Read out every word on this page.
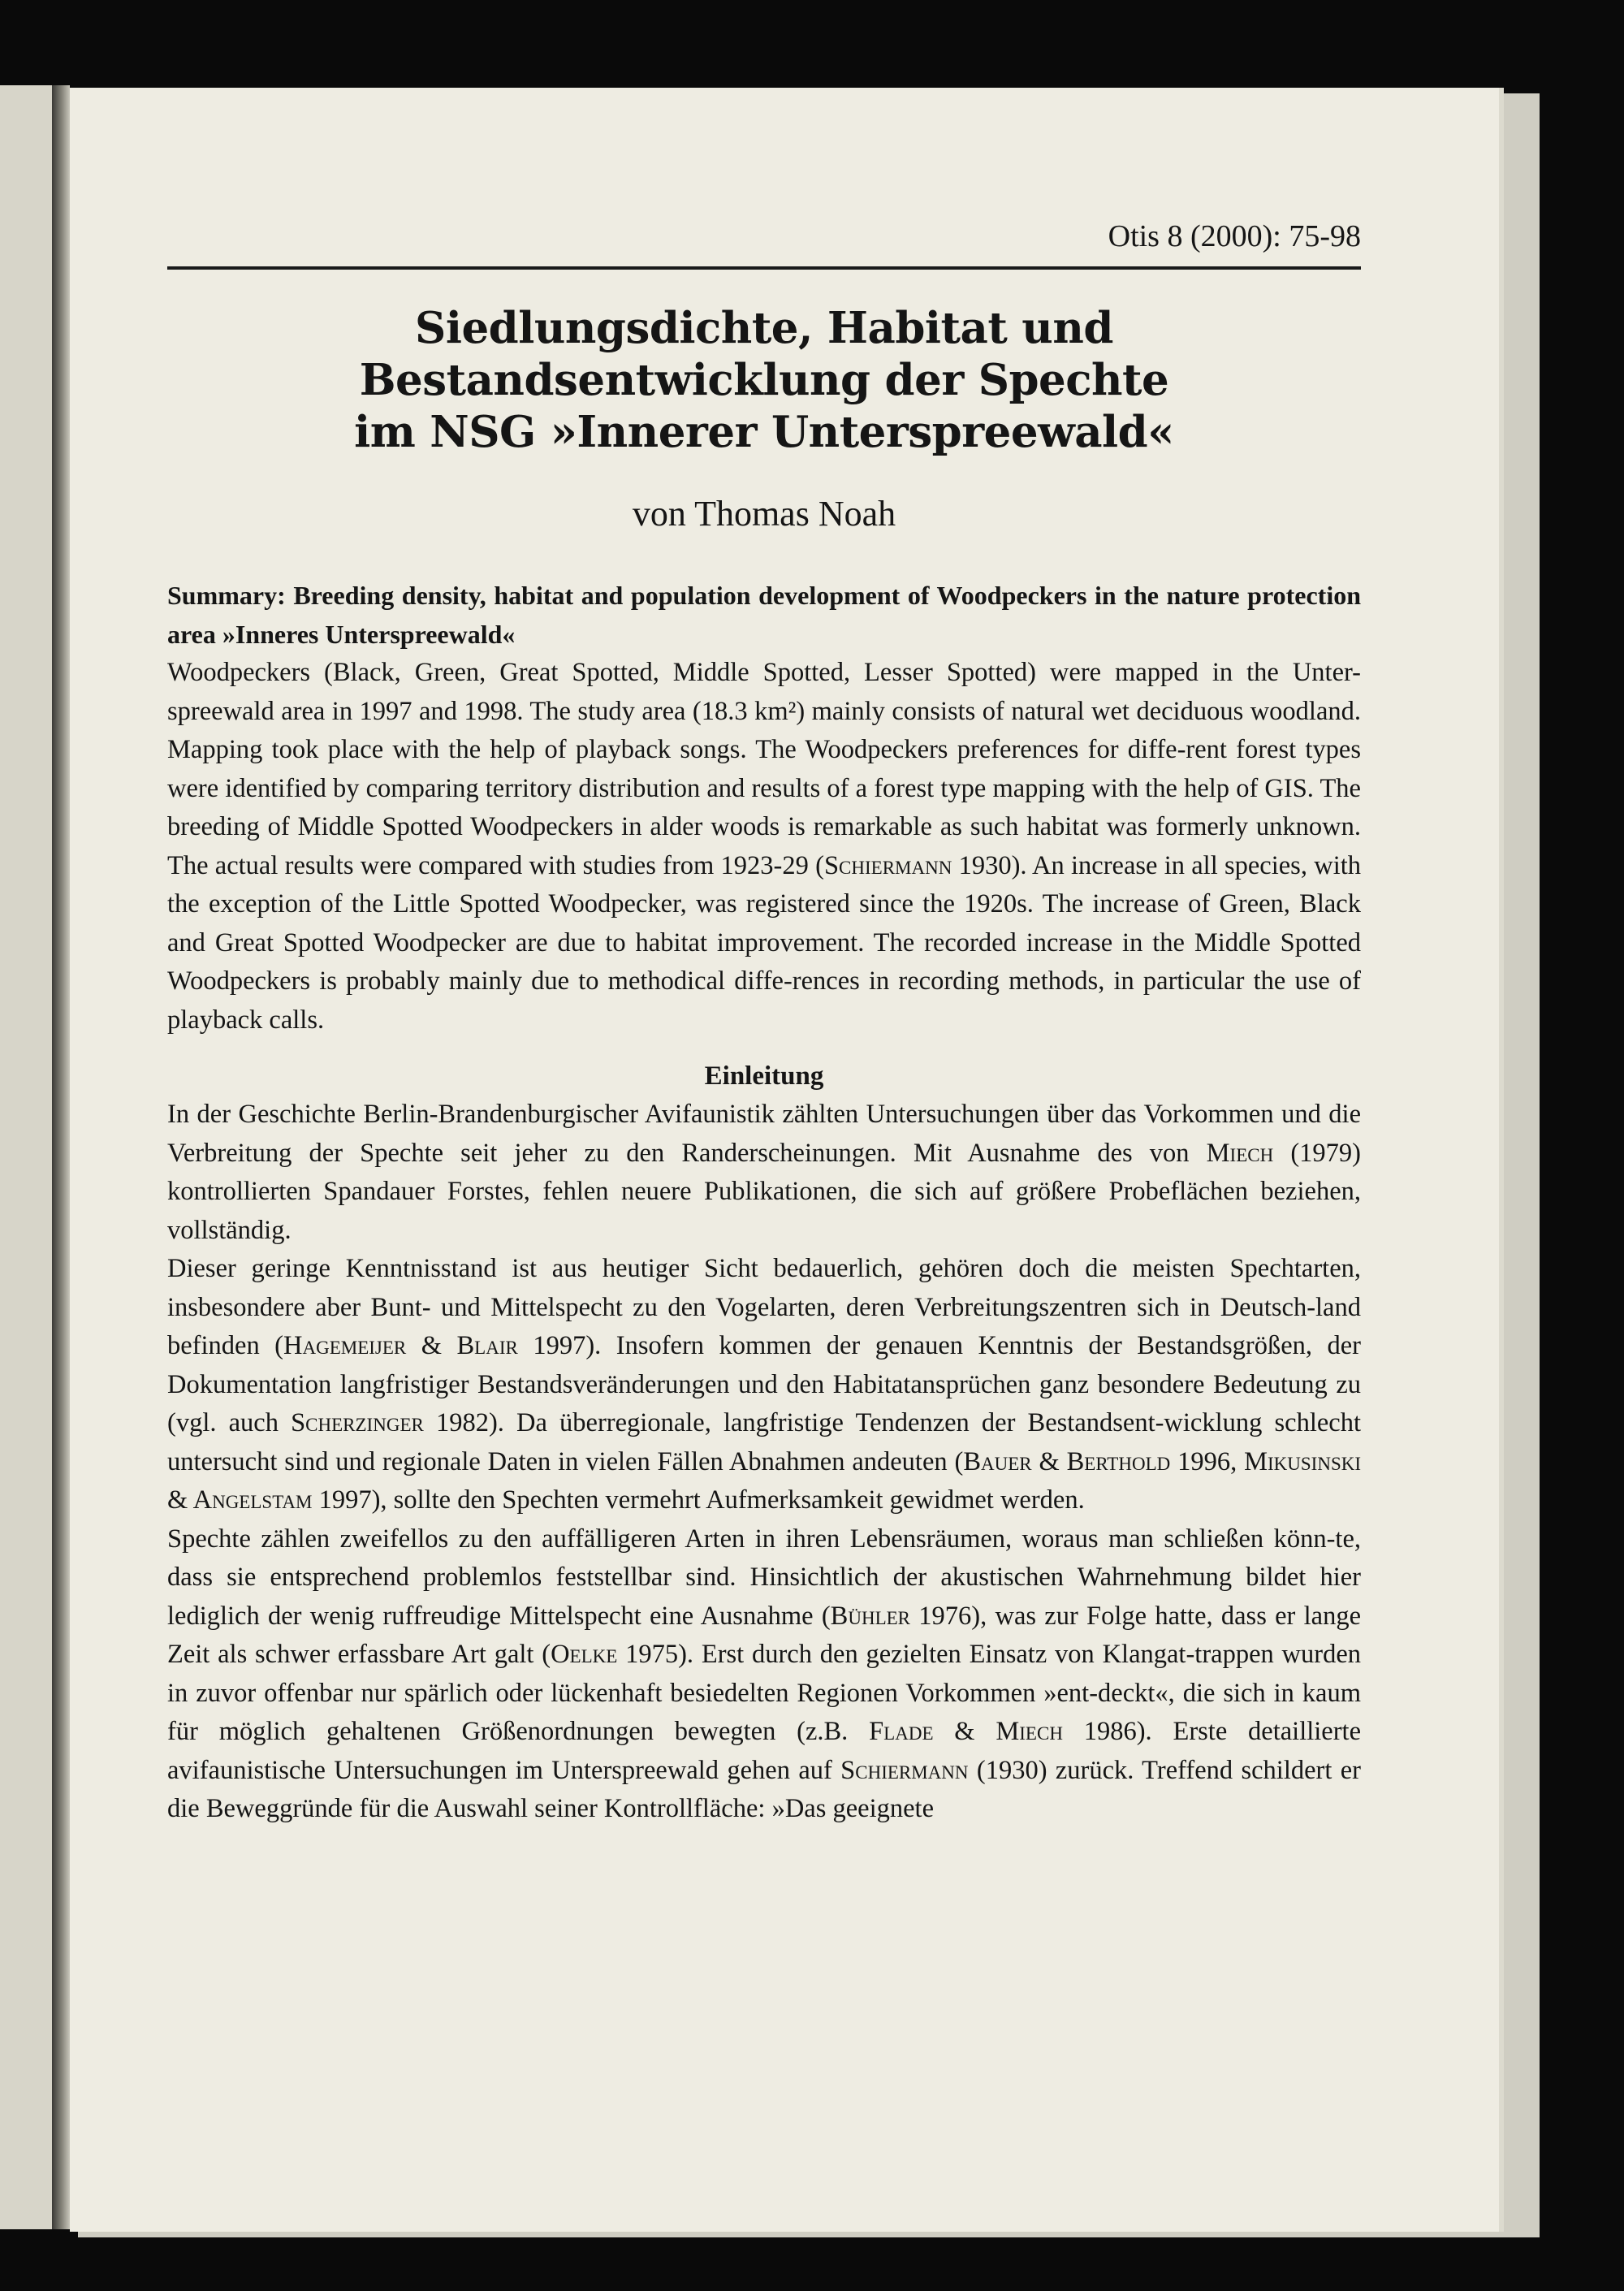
Otis 8 (2000): 75-98
Siedlungsdichte, Habitat und
Bestandsentwicklung der Spechte
im NSG »Innerer Unterspreewald«
von Thomas Noah
Summary: Breeding density, habitat and population development of Woodpeckers in the nature protection area »Inneres Unterspreewald«

Woodpeckers (Black, Green, Great Spotted, Middle Spotted, Lesser Spotted) were mapped in the Unter-spreewald area in 1997 and 1998. The study area (18.3 km²) mainly consists of natural wet deciduous woodland. Mapping took place with the help of playback songs. The Woodpeckers preferences for diffe-rent forest types were identified by comparing territory distribution and results of a forest type mapping with the help of GIS. The breeding of Middle Spotted Woodpeckers in alder woods is remarkable as such habitat was formerly unknown. The actual results were compared with studies from 1923-29 (Schiermann 1930). An increase in all species, with the exception of the Little Spotted Woodpecker, was registered since the 1920s. The increase of Green, Black and Great Spotted Woodpecker are due to habitat improvement. The recorded increase in the Middle Spotted Woodpeckers is probably mainly due to methodical diffe-rences in recording methods, in particular the use of playback calls.

Einleitung

In der Geschichte Berlin-Brandenburgischer Avifaunistik zählten Untersuchungen über das Vorkommen und die Verbreitung der Spechte seit jeher zu den Randerscheinungen. Mit Ausnahme des von Miech (1979) kontrollierten Spandauer Forstes, fehlen neuere Publikationen, die sich auf größere Probeflächen beziehen, vollständig.

Dieser geringe Kenntnisstand ist aus heutiger Sicht bedauerlich, gehören doch die meisten Spechtarten, insbesondere aber Bunt- und Mittelspecht zu den Vogelarten, deren Verbreitungszentren sich in Deutsch-land befinden (Hagemeijer & Blair 1997). Insofern kommen der genauen Kenntnis der Bestandsgrößen, der Dokumentation langfristiger Bestandsveränderungen und den Habitatansprüchen ganz besondere Bedeutung zu (vgl. auch Scherzinger 1982). Da überregionale, langfristige Tendenzen der Bestandsent-wicklung schlecht untersucht sind und regionale Daten in vielen Fällen Abnahmen andeuten (Bauer & Berthold 1996, Mikusinski & Angelstam 1997), sollte den Spechten vermehrt Aufmerksamkeit gewidmet werden.

Spechte zählen zweifellos zu den auffälligeren Arten in ihren Lebensräumen, woraus man schließen könn-te, dass sie entsprechend problemlos feststellbar sind. Hinsichtlich der akustischen Wahrnehmung bildet hier lediglich der wenig ruffreudige Mittelspecht eine Ausnahme (Bühler 1976), was zur Folge hatte, dass er lange Zeit als schwer erfassbare Art galt (Oelke 1975). Erst durch den gezielten Einsatz von Klangat-trappen wurden in zuvor offenbar nur spärlich oder lückenhaft besiedelten Regionen Vorkommen »ent-deckt«, die sich in kaum für möglich gehaltenen Größenordnungen bewegten (z.B. Flade & Miech 1986). Erste detaillierte avifaunistische Untersuchungen im Unterspreewald gehen auf Schiermann (1930) zurück. Treffend schildert er die Beweggründe für die Auswahl seiner Kontrollfläche: »Das geeignete
